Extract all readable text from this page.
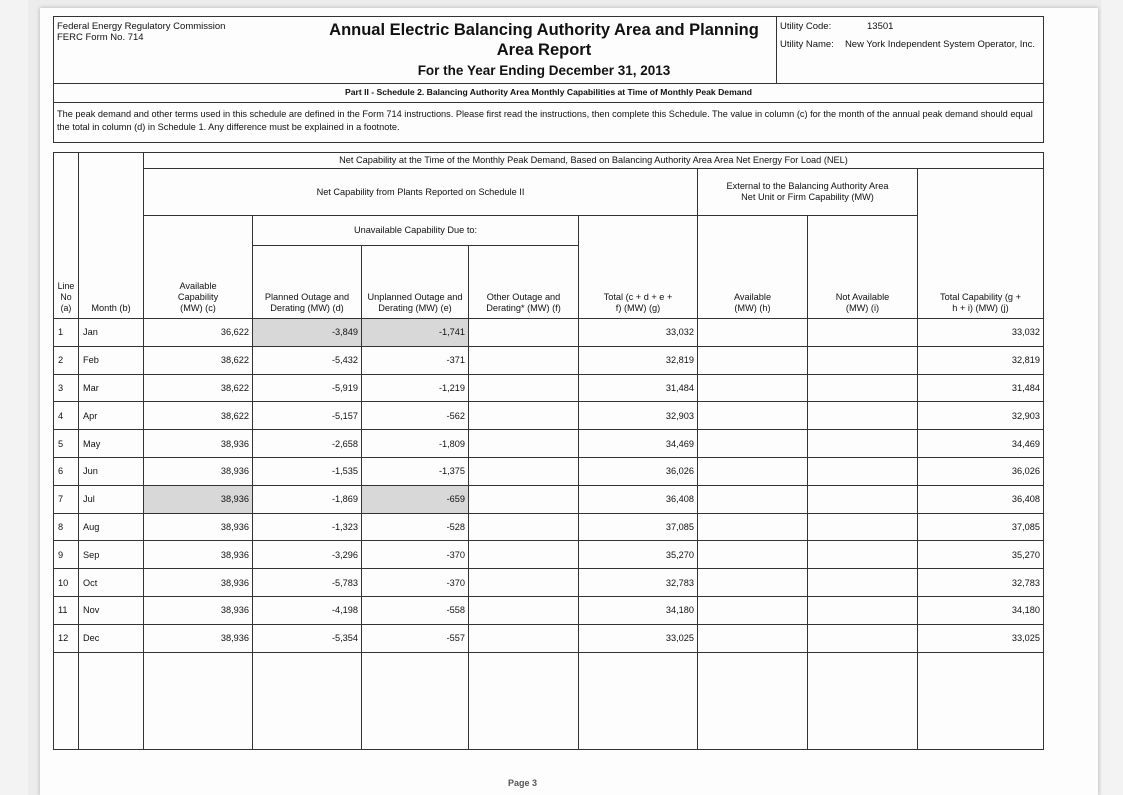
Federal Energy Regulatory Commission
FERC Form No. 714	Annual Electric Balancing Authority Area and Planning
Area Report
For the Year Ending December 31, 2013
Utility Code:	13501
Utility Name:	New York Independent System Operator, Inc.
Part II - Schedule 2. Balancing Authority Area Monthly Capabilities at Time of Monthly Peak Demand
The peak demand and other terms used in this schedule are defined in the Form 714 instructions. Please first read the instructions, then complete this Schedule. The value in column (c) for the month of the annual peak demand should equal the total in column (d) in Schedule 1. Any difference must be explained in a footnote.
Line No (a)	Month (b)	Net Capability at the Time of the Monthly Peak Demand, Based on Balancing Authority Area Area Net Energy For Load (NEL)							
		Net Capability from Plants Reported on Schedule II					External to the Balancing Authority Area Net Unit or Firm Capability (MW)		Total Capability (g + h + i) (MW) (j)
		Available Capability (MW) (c)	Unavailable Capability Due to:			Total (c + d + e + f) (MW) (g)	Available (MW) (h)	Not Available (MW) (i)	
			Planned Outage and Derating (MW) (d)	Unplanned Outage and Derating (MW) (e)	Other Outage and Derating* (MW) (f)				
1	Jan	36,622	-3,849	-1,741		33,032			33,032
2	Feb	38,622	-5,432	-371		32,819			32,819
3	Mar	38,622	-5,919	-1,219		31,484			31,484
4	Apr	38,622	-5,157	-562		32,903			32,903
5	May	38,936	-2,658	-1,809		34,469			34,469
6	Jun	38,936	-1,535	-1,375		36,026			36,026
7	Jul	38,936	-1,869	-659		36,408			36,408
8	Aug	38,936	-1,323	-528		37,085			37,085
9	Sep	38,936	-3,296	-370		35,270			35,270
10	Oct	38,936	-5,783	-370		32,783			32,783
11	Nov	38,936	-4,198	-558		34,180			34,180
12	Dec	38,936	-5,354	-557		33,025			33,025

Page 3
